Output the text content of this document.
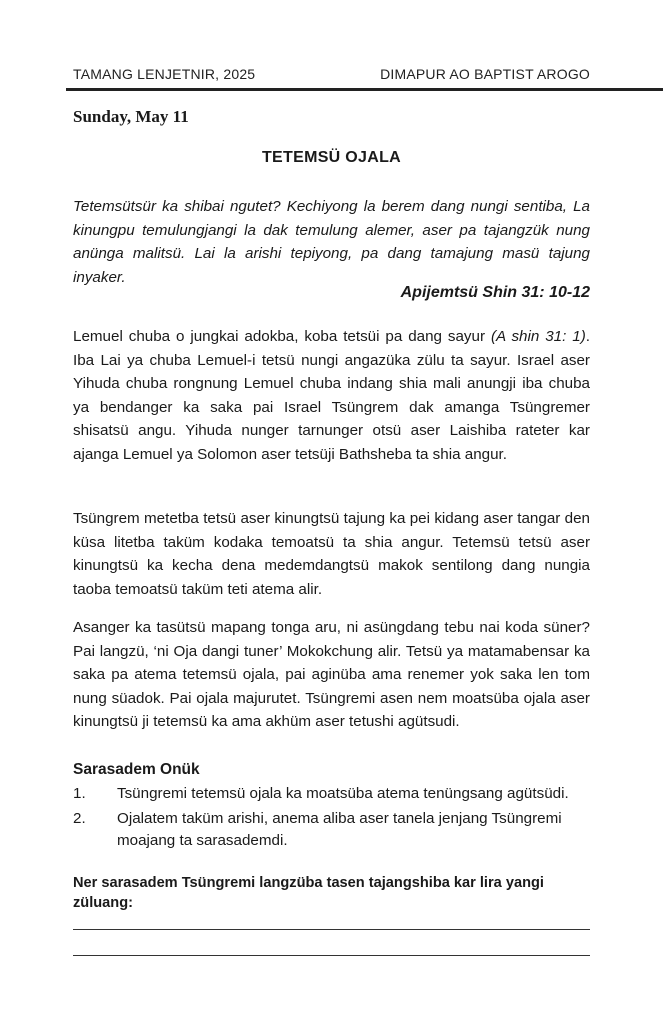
TAMANG LENJETNIR, 2025	DIMAPUR AO BAPTIST AROGO
Sunday, May 11
TETEMSÜ OJALA

Tetemsütsür ka shibai ngutet? Kechiyong la berem dang nungi sentiba, La kinungpu temulungjangi la dak temulung alemer, aser pa tajangzük nung anünga malitsü. Lai la arishi tepiyong, pa dang tamajung masü tajung inyaker.

Apijemtsü Shin 31: 10-12

Lemuel chuba o jungkai adokba, koba tetsüi pa dang sayur (A shin 31: 1). Iba Lai ya chuba Lemuel-i tetsü nungi angazüka zülu ta sayur. Israel aser Yihuda chuba rongnung Lemuel chuba indang shia mali anungji iba chuba ya bendanger ka saka pai Israel Tsüngrem dak amanga Tsüngremer shisatsü angu. Yihuda nunger tarnunger otsü aser Laishiba rateter kar ajanga Lemuel ya Solomon aser tetsüji Bathsheba ta shia angur.

Tsüngrem metetba tetsü aser kinungtsü tajung ka pei kidang aser tangar den küsa litetba taküm kodaka temoatsü ta shia angur. Tetemsü tetsü aser kinungtsü ka kecha dena medemdangtsü makok sentilong dang nungia taoba temoatsü taküm teti atema alir.

Asanger ka tasütsü mapang tonga aru, ni asüngdang tebu nai koda süner? Pai langzü, ‘ni Oja dangi tuner’ Mokokchung alir. Tetsü ya matamabensar ka saka pa atema tetemsü ojala, pai aginüba ama renemer yok saka len tom nung süadok. Pai ojala majurutet. Tsüngremi asen nem moatsüba ojala aser kinungtsü ji tetemsü ka ama akhüm aser tetushi agütsudi.

Sarasadem Onük
1. Tsüngremi tetemsü ojala ka moatsüba atema tenüngsang agütsüdi.
2. Ojalatem taküm arishi, anema aliba aser tanela jenjang Tsüngremi moajang ta sarasademdi.
Ner sarasadem Tsüngremi langzüba tasen tajangshiba kar lira yangi züluang:
